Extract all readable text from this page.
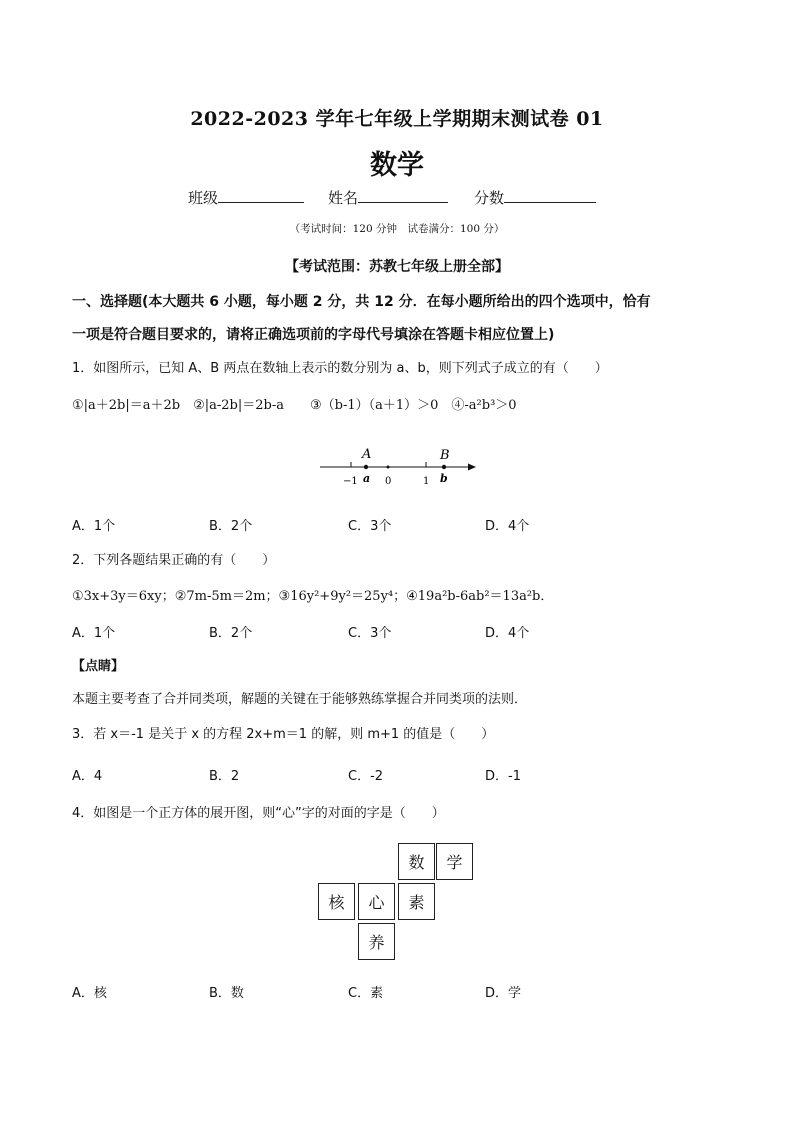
2022-2023 学年七年级上学期期末测试卷 01
数学
班级	姓名	分数
（考试时间：120 分钟　试卷满分：100 分）
【考试范围：苏教七年级上册全部】
一、选择题(本大题共 6 小题，每小题 2 分，共 12 分．在每小题所给出的四个选项中，恰有
一项是符合题目要求的，请将正确选项前的字母代号填涂在答题卡相应位置上)
1．如图所示，已知 A、B 两点在数轴上表示的数分别为 a、b，则下列式子成立的有（　　）
①|a＋2b|＝a＋2b　②|a-2b|＝2b-a　　③（b-1）（a＋1）＞0　④-a²b³＞0
A	B
−1 a 0	1 b
A．1个	B．2个	C．3个	D．4个
2．下列各题结果正确的有（　　）
①3x+3y＝6xy；②7m-5m＝2m；③16y²+9y²＝25y⁴；④19a²b-6ab²＝13a²b．
A．1个	B．2个	C．3个	D．4个
【点睛】
本题主要考查了合并同类项，解题的关键在于能够熟练掌握合并同类项的法则．
3．若 x＝-1 是关于 x 的方程 2x+m＝1 的解，则 m+1 的值是（　　）
A．4	B．2	C．-2	D．-1
4．如图是一个正方体的展开图，则“心”字的对面的字是（　　）
数	学
核	心	素
养
A．核	B．数	C．素	D．学
